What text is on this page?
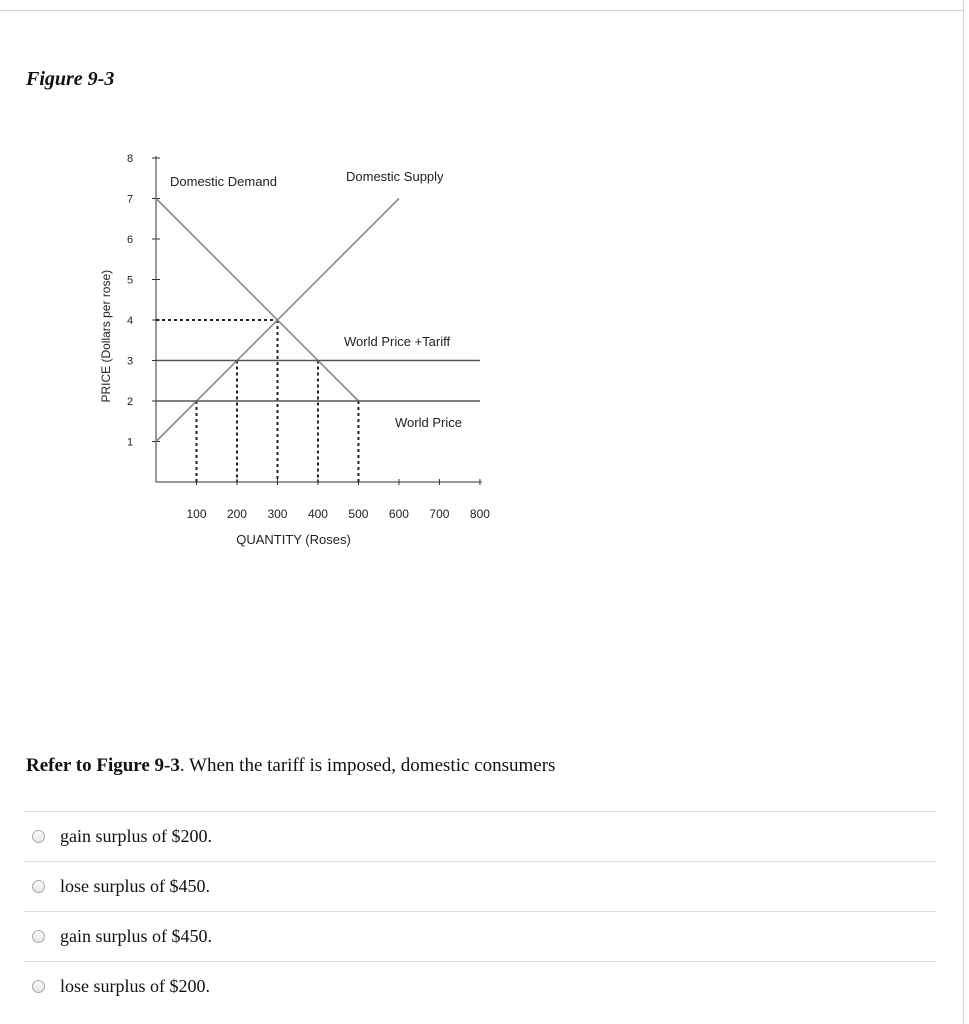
Figure 9-3
1
2
3
4
5
6
7
8
100 200 300 400 500 600 700 800
QUANTITY (Roses)
PRICE (Dollars per rose)
Domestic Demand	Domestic Supply
World Price +Tariff
World Price
Refer to Figure 9-3. When the tariff is imposed, domestic consumers
gain surplus of $200.
lose surplus of $450.
gain surplus of $450.
lose surplus of $200.
